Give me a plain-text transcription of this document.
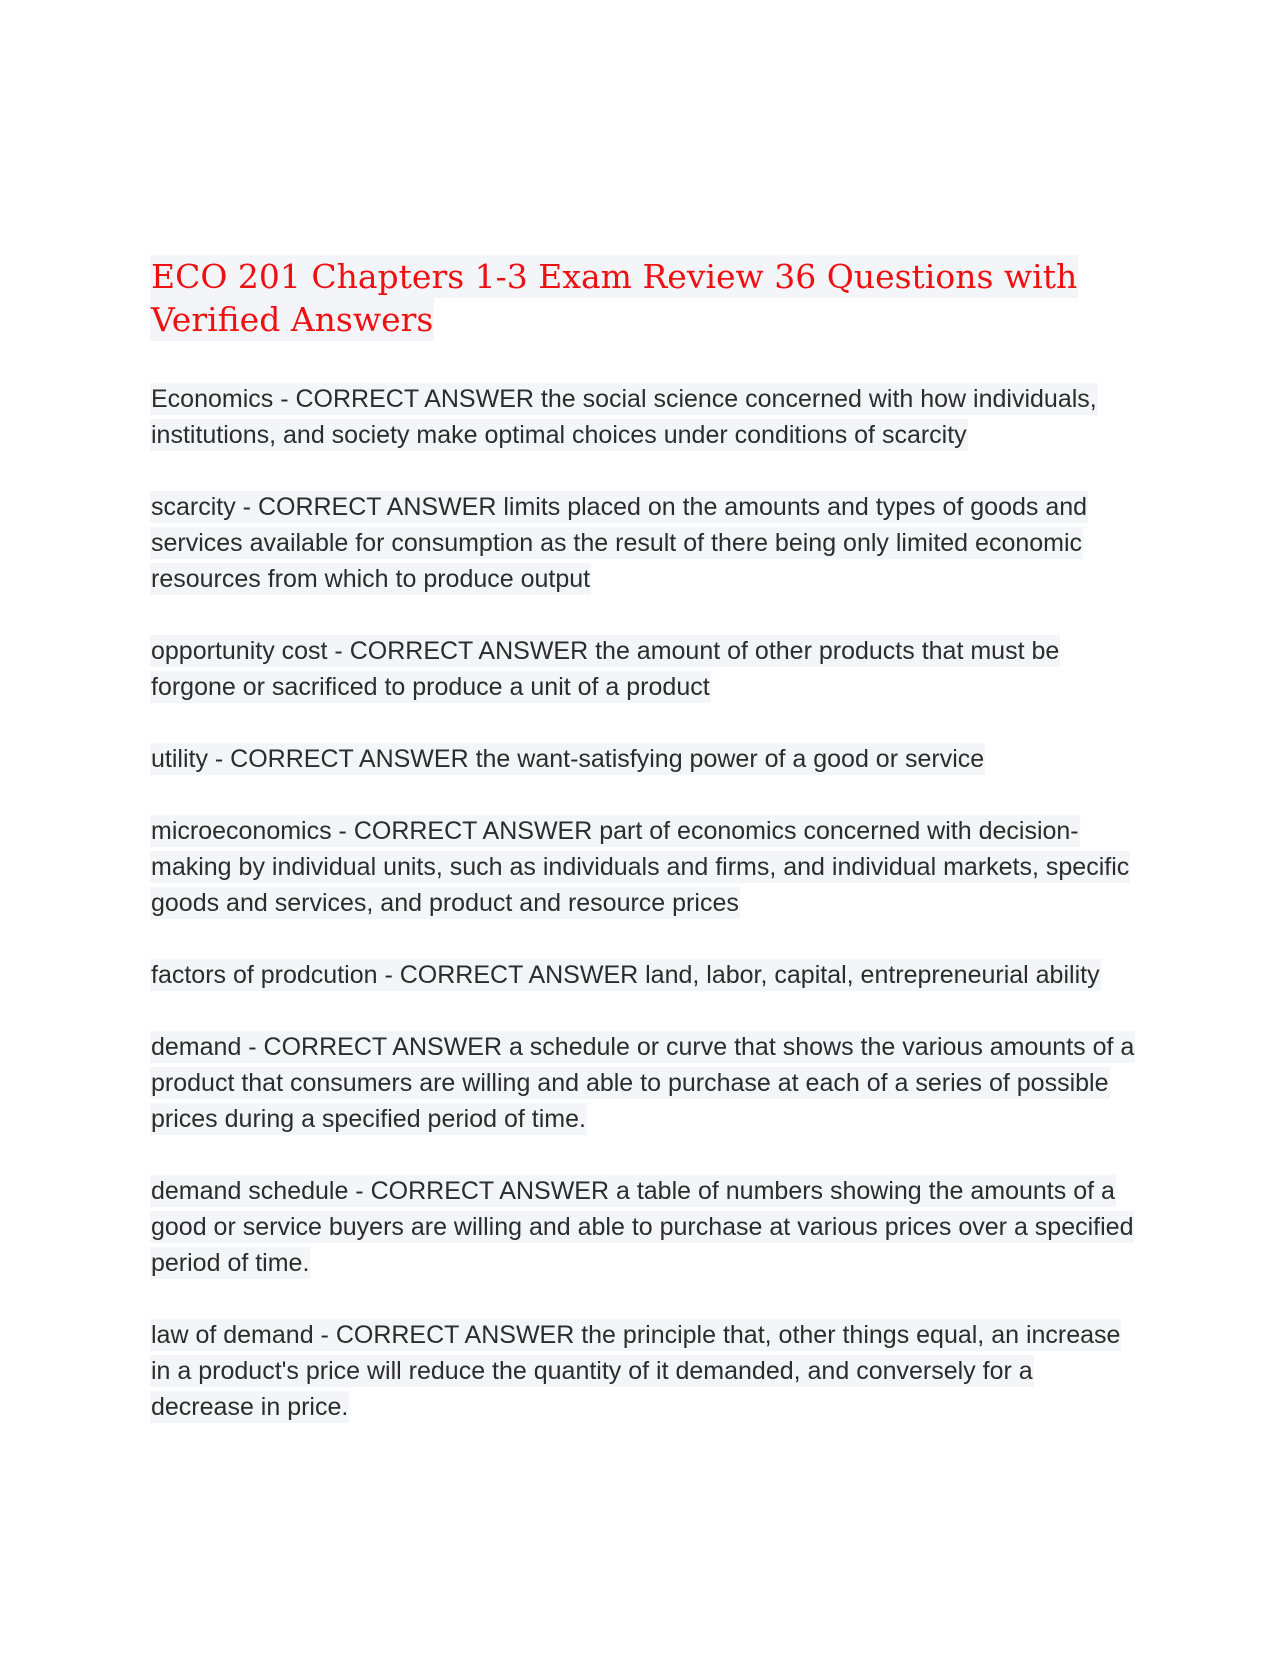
ECO 201 Chapters 1-3 Exam Review 36 Questions with Verified Answers
Economics - CORRECT ANSWER the social science concerned with how individuals, institutions, and society make optimal choices under conditions of scarcity
scarcity - CORRECT ANSWER limits placed on the amounts and types of goods and services available for consumption as the result of there being only limited economic resources from which to produce output
opportunity cost - CORRECT ANSWER the amount of other products that must be forgone or sacrificed to produce a unit of a product
utility - CORRECT ANSWER the want-satisfying power of a good or service
microeconomics - CORRECT ANSWER part of economics concerned with decision-making by individual units, such as individuals and firms, and individual markets, specific goods and services, and product and resource prices
factors of prodcution - CORRECT ANSWER land, labor, capital, entrepreneurial ability
demand - CORRECT ANSWER a schedule or curve that shows the various amounts of a product that consumers are willing and able to purchase at each of a series of possible prices during a specified period of time.
demand schedule - CORRECT ANSWER a table of numbers showing the amounts of a good or service buyers are willing and able to purchase at various prices over a specified period of time.
law of demand - CORRECT ANSWER the principle that, other things equal, an increase in a product's price will reduce the quantity of it demanded, and conversely for a decrease in price.
